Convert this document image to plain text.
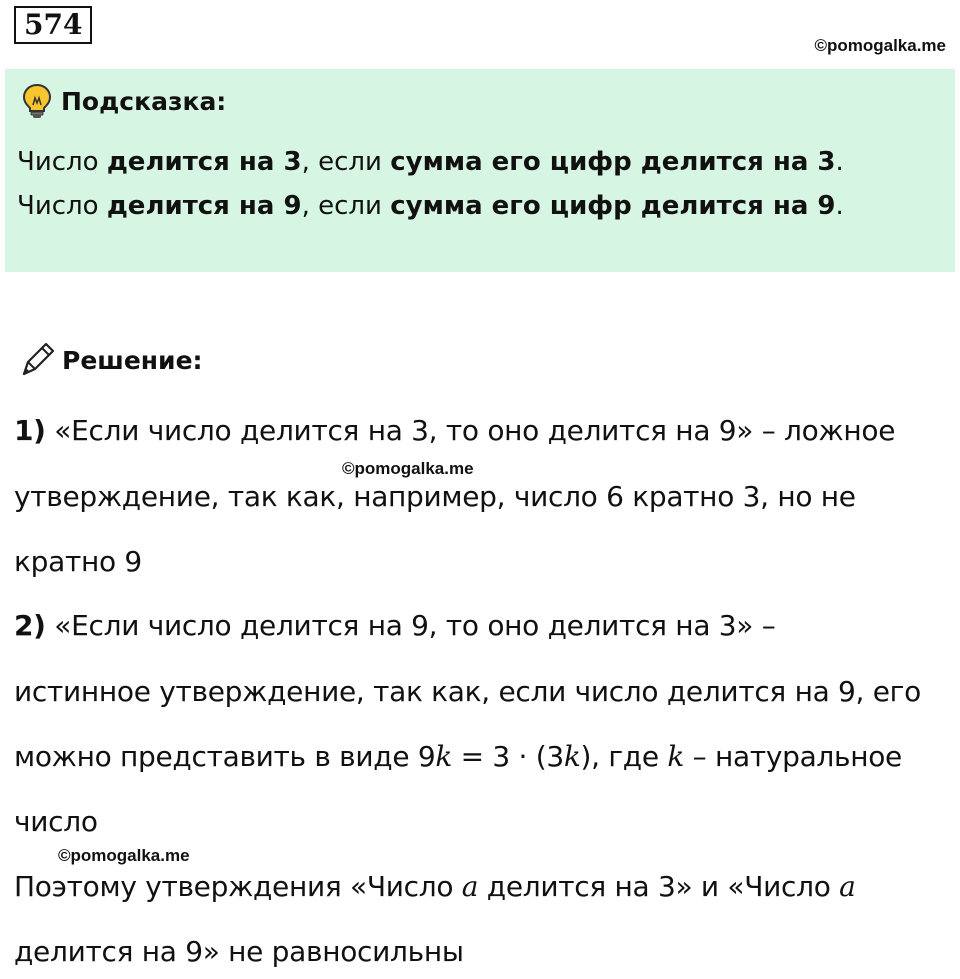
574
©pomogalka.me
Подсказка:
Число делится на 3, если сумма его цифр делится на 3.
Число делится на 9, если сумма его цифр делится на 9.
Решение:
1) «Если число делится на 3, то оно делится на 9» – ложное
©pomogalka.me
утверждение, так как, например, число 6 кратно 3, но не
кратно 9
2) «Если число делится на 9, то оно делится на 3» –
истинное утверждение, так как, если число делится на 9, его
можно представить в виде 9k = 3 · (3k), где k – натуральное
число
©pomogalka.me
Поэтому утверждения «Число a делится на 3» и «Число a
делится на 9» не равносильны
